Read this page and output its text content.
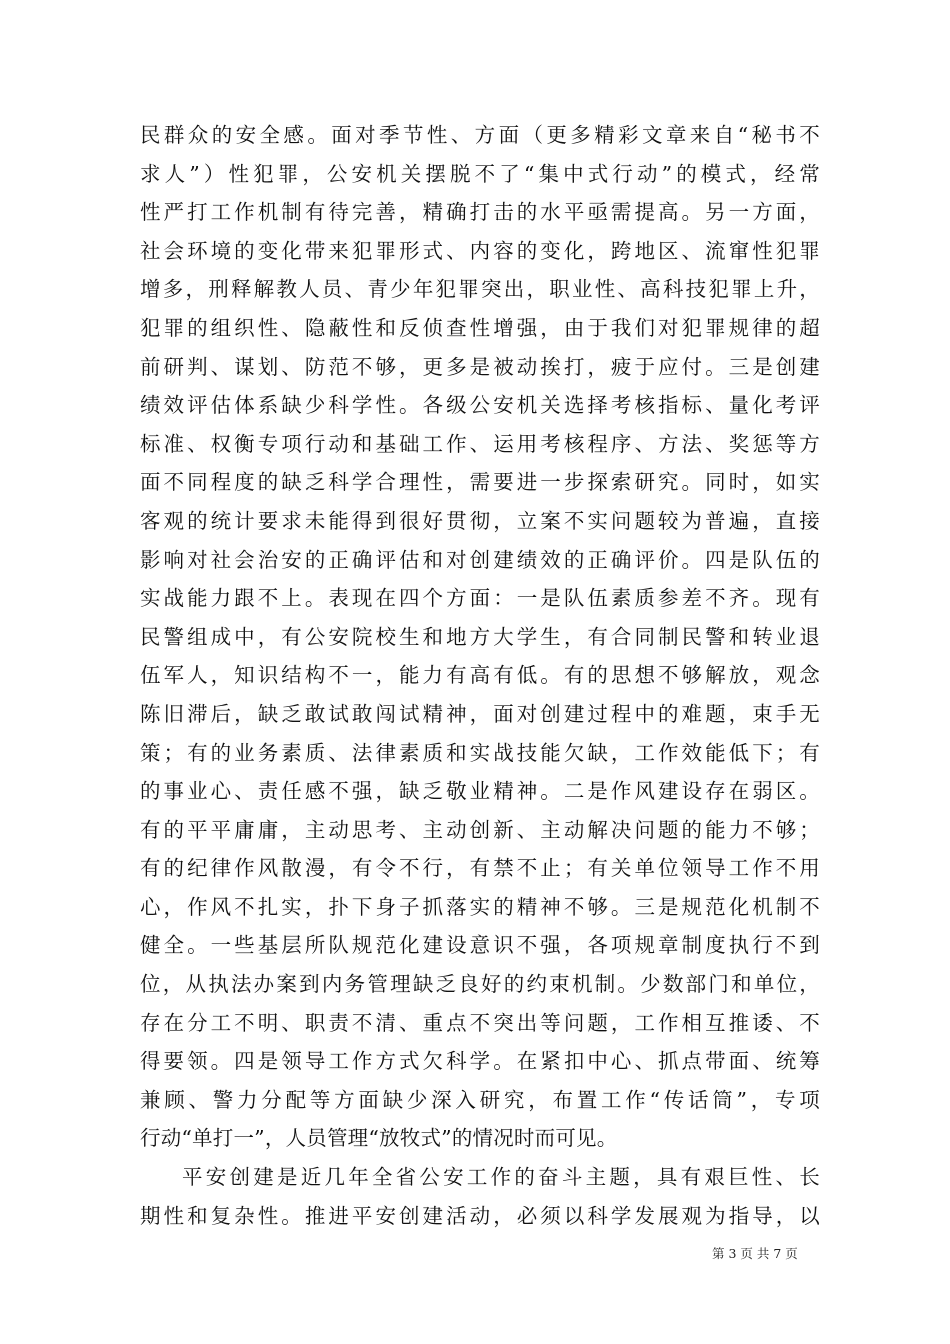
民群众的安全感。面对季节性、方面（更多精彩文章来自“秘书不
求人”）性犯罪，公安机关摆脱不了“集中式行动”的模式，经常
性严打工作机制有待完善，精确打击的水平亟需提高。另一方面，
社会环境的变化带来犯罪形式、内容的变化，跨地区、流窜性犯罪
增多，刑释解教人员、青少年犯罪突出，职业性、高科技犯罪上升，
犯罪的组织性、隐蔽性和反侦查性增强，由于我们对犯罪规律的超
前研判、谋划、防范不够，更多是被动挨打，疲于应付。三是创建
绩效评估体系缺少科学性。各级公安机关选择考核指标、量化考评
标准、权衡专项行动和基础工作、运用考核程序、方法、奖惩等方
面不同程度的缺乏科学合理性，需要进一步探索研究。同时，如实
客观的统计要求未能得到很好贯彻，立案不实问题较为普遍，直接
影响对社会治安的正确评估和对创建绩效的正确评价。四是队伍的
实战能力跟不上。表现在四个方面：一是队伍素质参差不齐。现有
民警组成中，有公安院校生和地方大学生，有合同制民警和转业退
伍军人，知识结构不一，能力有高有低。有的思想不够解放，观念
陈旧滞后，缺乏敢试敢闯试精神，面对创建过程中的难题，束手无
策；有的业务素质、法律素质和实战技能欠缺，工作效能低下；有
的事业心、责任感不强，缺乏敬业精神。二是作风建设存在弱区。
有的平平庸庸，主动思考、主动创新、主动解决问题的能力不够；
有的纪律作风散漫，有令不行，有禁不止；有关单位领导工作不用
心，作风不扎实，扑下身子抓落实的精神不够。三是规范化机制不
健全。一些基层所队规范化建设意识不强，各项规章制度执行不到
位，从执法办案到内务管理缺乏良好的约束机制。少数部门和单位，
存在分工不明、职责不清、重点不突出等问题，工作相互推诿、不
得要领。四是领导工作方式欠科学。在紧扣中心、抓点带面、统筹
兼顾、警力分配等方面缺少深入研究，布置工作“传话筒”，专项
行动“单打一”，人员管理“放牧式”的情况时而可见。
平安创建是近几年全省公安工作的奋斗主题，具有艰巨性、长
期性和复杂性。推进平安创建活动，必须以科学发展观为指导，以
第 3 页 共 7 页
